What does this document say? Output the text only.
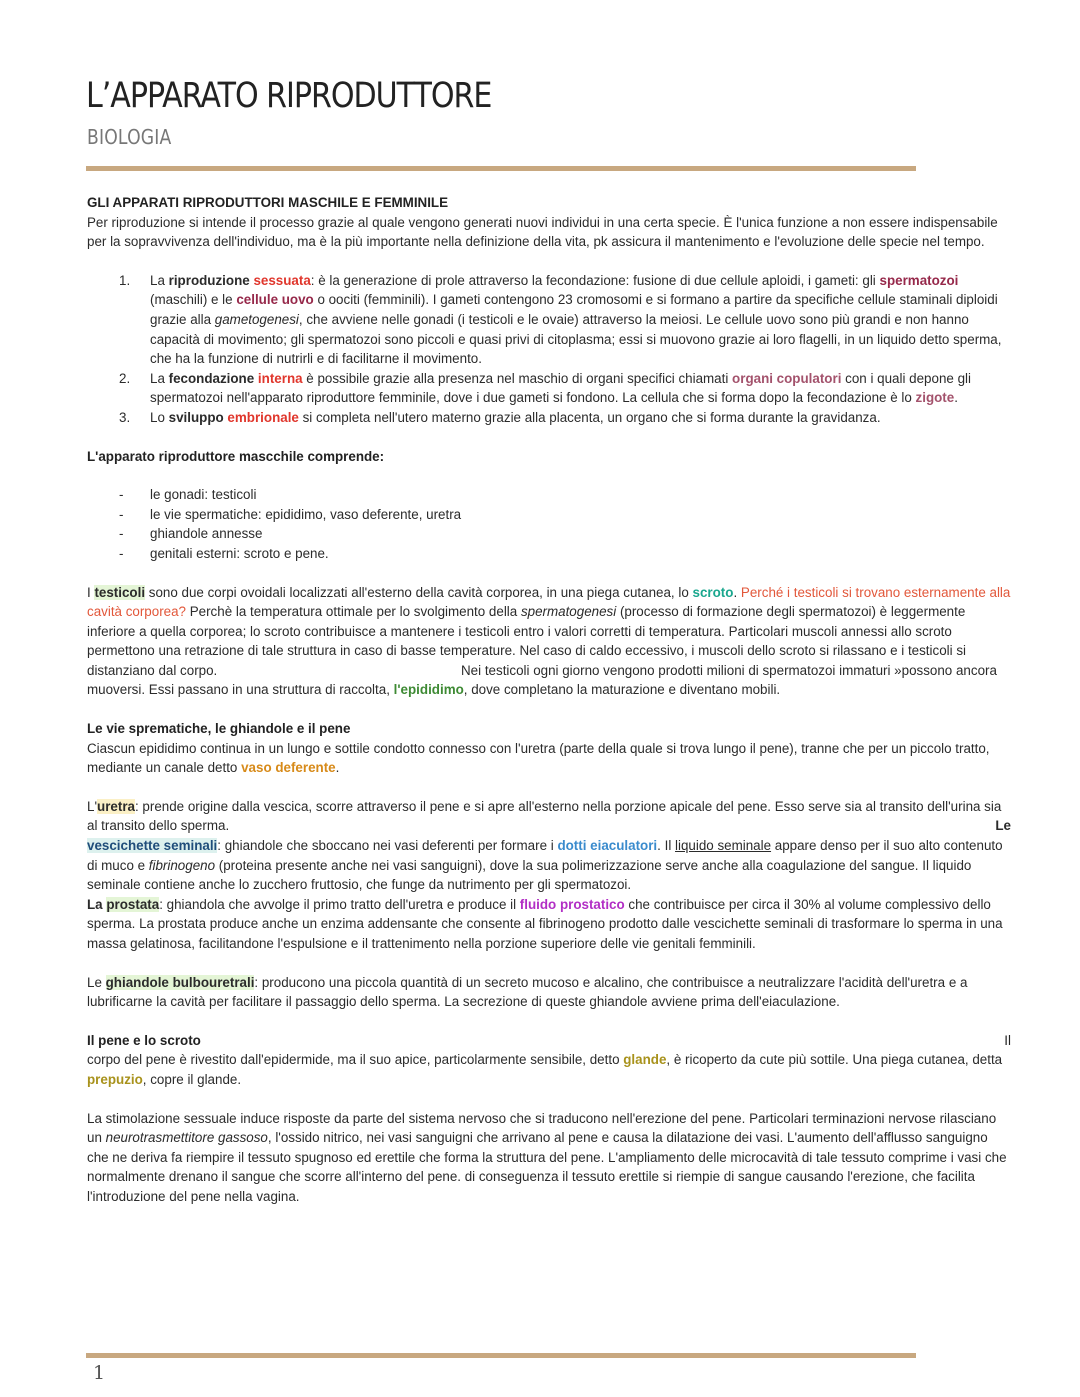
L’APPARATO RIPRODUTTORE
BIOLOGIA

GLI APPARATI RIPRODUTTORI MASCHILE E FEMMINILE

Per riproduzione si intende il processo grazie al quale vengono generati nuovi individui in una certa specie. È l'unica funzione a non essere indispensabile per la sopravvivenza dell'individuo, ma è la più importante nella definizione della vita, pk assicura il mantenimento e l'evoluzione delle specie nel tempo.

1. La riproduzione sessuata: è la generazione di prole attraverso la fecondazione: fusione di due cellule aploidi, i gameti: gli spermatozoi (maschili) e le cellule uovo o oociti (femminili). I gameti contengono 23 cromosomi e si formano a partire da specifiche cellule staminali diploidi grazie alla gametogenesi, che avviene nelle gonadi (i testicoli e le ovaie) attraverso la meiosi. Le cellule uovo sono più grandi e non hanno capacità di movimento; gli spermatozoi sono piccoli e quasi privi di citoplasma; essi si muovono grazie ai loro flagelli, in un liquido detto sperma, che ha la funzione di nutrirli e di facilitarne il movimento.
2. La fecondazione interna è possibile grazie alla presenza nel maschio di organi specifici chiamati organi copulatori con i quali depone gli spermatozoi nell'apparato riproduttore femminile, dove i due gameti si fondono. La cellula che si forma dopo la fecondazione è lo zigote.
3. Lo sviluppo embrionale si completa nell'utero materno grazie alla placenta, un organo che si forma durante la gravidanza.

L'apparato riproduttore mascchile comprende:

- le gonadi: testicoli
- le vie spermatiche: epididimo, vaso deferente, uretra
- ghiandole annesse
- genitali esterni: scroto e pene.

I testicoli sono due corpi ovoidali localizzati all'esterno della cavità corporea, in una piega cutanea, lo scroto. Perché i testicoli si trovano esternamente alla cavità corporea? Perchè la temperatura ottimale per lo svolgimento della spermatogenesi (processo di formazione degli spermatozoi) è leggermente inferiore a quella corporea; lo scroto contribuisce a mantenere i testicoli entro i valori corretti di temperatura. Particolari muscoli annessi allo scroto permettono una retrazione di tale struttura in caso di basse temperature. Nel caso di caldo eccessivo, i muscoli dello scroto si rilassano e i testicoli si distanziano dal corpo.	Nei testicoli ogni giorno vengono prodotti milioni di spermatozoi immaturi »possono ancora muoversi. Essi passano in una struttura di raccolta, l'epididimo, dove completano la maturazione e diventano mobili.

Le vie sprematiche, le ghiandole e il pene

Ciascun epididimo continua in un lungo e sottile condotto connesso con l'uretra (parte della quale si trova lungo il pene), tranne che per un piccolo tratto, mediante un canale detto vaso deferente.

L'uretra: prende origine dalla vescica, scorre attraverso il pene e si apre all'esterno nella porzione apicale del pene. Esso serve sia al transito dell'urina sia al transito dello sperma.	Le

vescichette seminali: ghiandole che sboccano nei vasi deferenti per formare i dotti eiaculatori. Il liquido seminale appare denso per il suo alto contenuto di muco e fibrinogeno (proteina presente anche nei vasi sanguigni), dove la sua polimerizzazione serve anche alla coagulazione del sangue. Il liquido seminale contiene anche lo zucchero fruttosio, che funge da nutrimento per gli spermatozoi.

La prostata: ghiandola che avvolge il primo tratto dell'uretra e produce il fluido prostatico che contribuisce per circa il 30% al volume complessivo dello sperma. La prostata produce anche un enzima addensante che consente al fibrinogeno prodotto dalle vescichette seminali di trasformare lo sperma in una massa gelatinosa, facilitandone l'espulsione e il trattenimento nella porzione superiore delle vie genitali femminili.

Le ghiandole bulbouretrali: producono una piccola quantità di un secreto mucoso e alcalino, che contribuisce a neutralizzare l'acidità dell'uretra e a lubrificarne la cavità per facilitare il passaggio dello sperma. La secrezione di queste ghiandole avviene prima dell'eiaculazione.

Il pene e lo scroto	Il

corpo del pene è rivestito dall'epidermide, ma il suo apice, particolarmente sensibile, detto glande, è ricoperto da cute più sottile. Una piega cutanea, detta prepuzio, copre il glande.

La stimolazione sessuale induce risposte da parte del sistema nervoso che si traducono nell'erezione del pene. Particolari terminazioni nervose rilasciano un neurotrasmettitore gassoso, l'ossido nitrico, nei vasi sanguigni che arrivano al pene e causa la dilatazione dei vasi. L'aumento dell'afflusso sanguigno che ne deriva fa riempire il tessuto spugnoso ed erettile che forma la struttura del pene. L'ampliamento delle microcavità di tale tessuto comprime i vasi che normalmente drenano il sangue che scorre all'interno del pene. di conseguenza il tessuto erettile si riempie di sangue causando l'erezione, che facilita l'introduzione del pene nella vagina.

1
